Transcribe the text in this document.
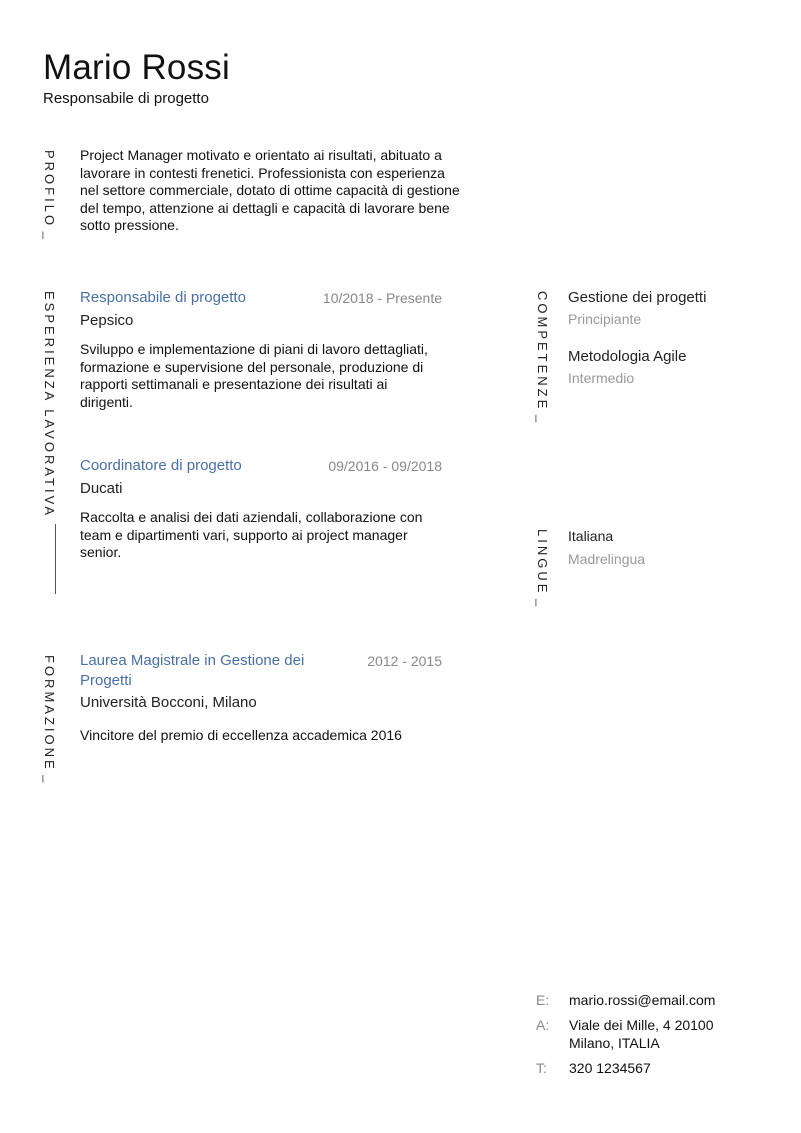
Mario Rossi
Responsabile di progetto
PROFILO _
Project Manager motivato e orientato ai risultati, abituato a lavorare in contesti frenetici. Professionista con esperienza nel settore commerciale, dotato di ottime capacità di gestione del tempo, attenzione ai dettagli e capacità di lavorare bene sotto pressione.
ESPERIENZA LAVORATIVA Responsabile di progetto	10/2018 - Presente
Pepsico
Sviluppo e implementazione di piani di lavoro dettagliati, formazione e supervisione del personale, produzione di rapporti settimanali e presentazione dei risultati ai dirigenti.
Coordinatore di progetto	09/2016 - 09/2018
Ducati
Raccolta e analisi dei dati aziendali, collaborazione con team e dipartimenti vari, supporto ai project manager senior.
FORMAZIONE _
Laurea Magistrale in Gestione dei Progetti
2012 - 2015
Università Bocconi, Milano
Vincitore del premio di eccellenza accademica 2016
COMPETENZE _
Gestione dei progetti
Principiante
Metodologia Agile
Intermedio
LINGUE _
Italiana
Madrelingua
E: mario.rossi@email.com
A: Viale dei Mille, 4 20100
Milano, ITALIA
T: 320 1234567
